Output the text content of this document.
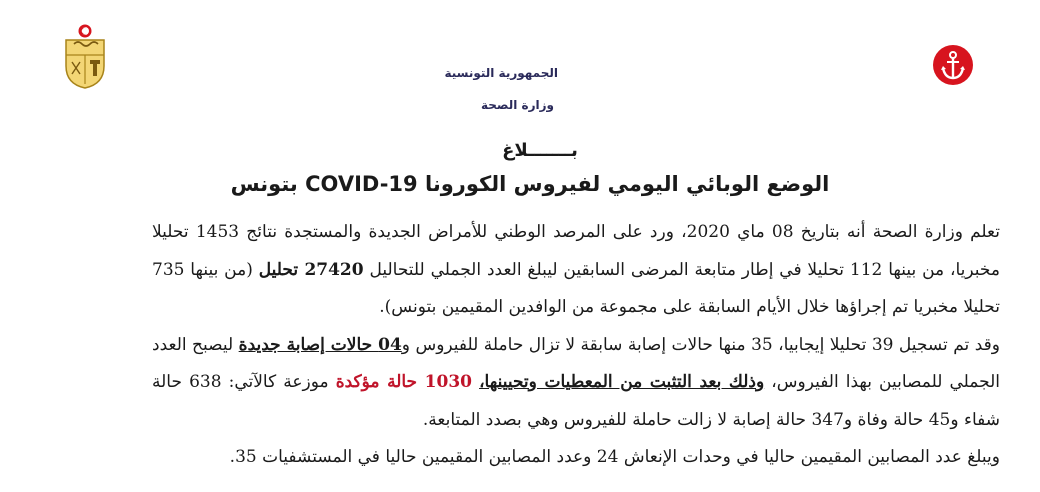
الجمهورية التونسية
وزارة الصحة
بـــــــلاغ
الوضع الوبائي اليومي لفيروس الكورونا COVID-19 بتونس

تعلم وزارة الصحة أنه بتاريخ 08 ماي 2020، ورد على المرصد الوطني للأمراض الجديدة والمستجدة نتائج 1453 تحليلا مخبريا، من بينها 112 تحليلا في إطار متابعة المرضى السابقين ليبلغ العدد الجملي للتحاليل 27420 تحليل (من بينها 735 تحليلا مخبريا تم إجراؤها خلال الأيام السابقة على مجموعة من الوافدين المقيمين بتونس).

وقد تم تسجيل 39 تحليلا إيجابيا، 35 منها حالات إصابة سابقة لا تزال حاملة للفيروس و04 حالات إصابة جديدة ليصبح العدد الجملي للمصابين بهذا الفيروس، وذلك بعد التثبت من المعطيات وتحيينها، 1030 حالة مؤكدة موزعة كالآتي: 638 حالة شفاء و45 حالة وفاة و347 حالة إصابة لا زالت حاملة للفيروس وهي بصدد المتابعة.

ويبلغ عدد المصابين المقيمين حاليا في وحدات الإنعاش 24 وعدد المصابين المقيمين حاليا في المستشفيات 35.
